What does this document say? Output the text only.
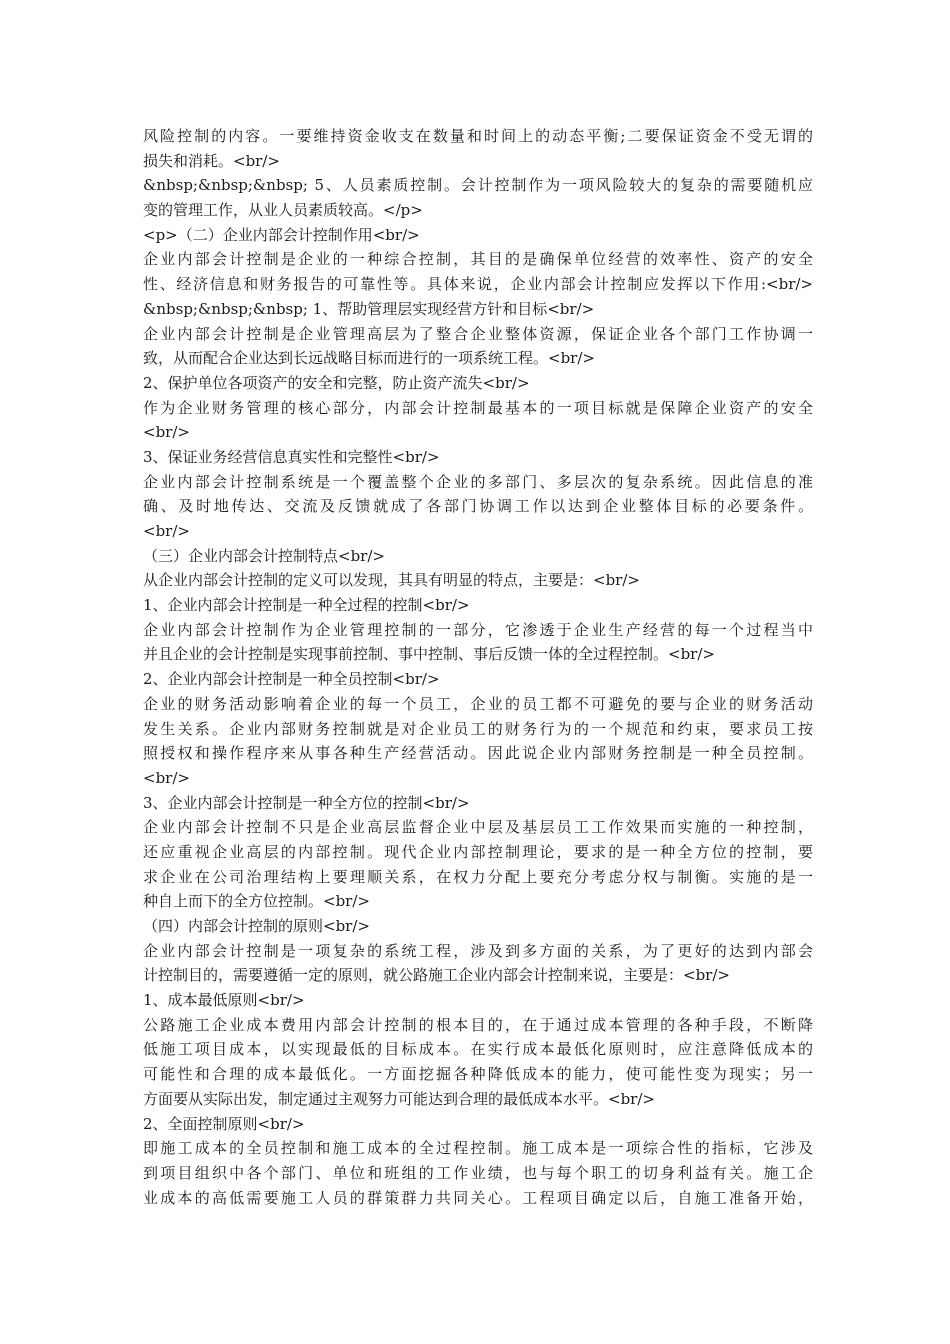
风险控制的内容。一要维持资金收支在数量和时间上的动态平衡;二要保证资金不受无谓的
损失和消耗。<br/>
&nbsp;&nbsp;&nbsp; 5、人员素质控制。会计控制作为一项风险较大的复杂的需要随机应
变的管理工作，从业人员素质较高。</p>
<p>（二）企业内部会计控制作用<br/>
企业内部会计控制是企业的一种综合控制，其目的是确保单位经营的效率性、资产的安全
性、经济信息和财务报告的可靠性等。具体来说，企业内部会计控制应发挥以下作用:<br/>
&nbsp;&nbsp;&nbsp; 1、帮助管理层实现经营方针和目标<br/>
企业内部会计控制是企业管理高层为了整合企业整体资源，保证企业各个部门工作协调一
致，从而配合企业达到长远战略目标而进行的一项系统工程。<br/>
2、保护单位各项资产的安全和完整，防止资产流失<br/>
作为企业财务管理的核心部分，内部会计控制最基本的一项目标就是保障企业资产的安全
<br/>
3、保证业务经营信息真实性和完整性<br/>
企业内部会计控制系统是一个覆盖整个企业的多部门、多层次的复杂系统。因此信息的准
确、及时地传达、交流及反馈就成了各部门协调工作以达到企业整体目标的必要条件。
<br/>
（三）企业内部会计控制特点<br/>
从企业内部会计控制的定义可以发现，其具有明显的特点，主要是：<br/>
1、企业内部会计控制是一种全过程的控制<br/>
企业内部会计控制作为企业管理控制的一部分，它渗透于企业生产经营的每一个过程当中
并且企业的会计控制是实现事前控制、事中控制、事后反馈一体的全过程控制。<br/>
2、企业内部会计控制是一种全员控制<br/>
企业的财务活动影响着企业的每一个员工，企业的员工都不可避免的要与企业的财务活动
发生关系。企业内部财务控制就是对企业员工的财务行为的一个规范和约束，要求员工按
照授权和操作程序来从事各种生产经营活动。因此说企业内部财务控制是一种全员控制。
<br/>
3、企业内部会计控制是一种全方位的控制<br/>
企业内部会计控制不只是企业高层监督企业中层及基层员工工作效果而实施的一种控制，
还应重视企业高层的内部控制。现代企业内部控制理论，要求的是一种全方位的控制，要
求企业在公司治理结构上要理顺关系，在权力分配上要充分考虑分权与制衡。实施的是一
种自上而下的全方位控制。<br/>
（四）内部会计控制的原则<br/>
企业内部会计控制是一项复杂的系统工程，涉及到多方面的关系，为了更好的达到内部会
计控制目的，需要遵循一定的原则，就公路施工企业内部会计控制来说，主要是：<br/>
1、成本最低原则<br/>
公路施工企业成本费用内部会计控制的根本目的，在于通过成本管理的各种手段，不断降
低施工项目成本，以实现最低的目标成本。在实行成本最低化原则时，应注意降低成本的
可能性和合理的成本最低化。一方面挖掘各种降低成本的能力，使可能性变为现实；另一
方面要从实际出发，制定通过主观努力可能达到合理的最低成本水平。<br/>
2、全面控制原则<br/>
即施工成本的全员控制和施工成本的全过程控制。施工成本是一项综合性的指标，它涉及
到项目组织中各个部门、单位和班组的工作业绩，也与每个职工的切身利益有关。施工企
业成本的高低需要施工人员的群策群力共同关心。工程项目确定以后，自施工准备开始，
